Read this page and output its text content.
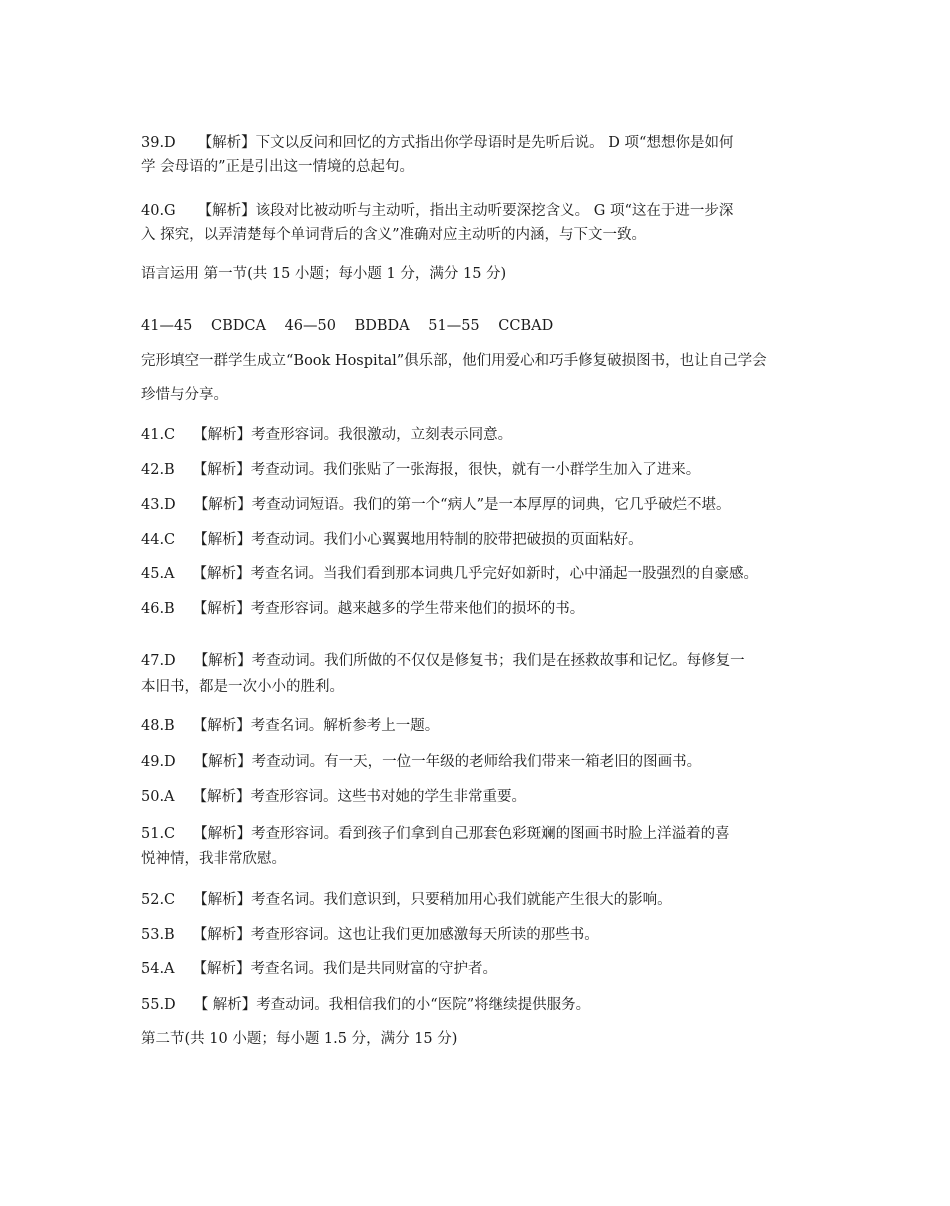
39.D 【解析】下文以反问和回忆的方式指出你学母语时是先听后说。 D 项“想想你是如何
学 会母语的”正是引出这一情境的总起句。
40.G 【解析】该段对比被动听与主动听，指出主动听要深挖含义。 G 项“这在于进一步深
入 探究，以弄清楚每个单词背后的含义”准确对应主动听的内涵，与下文一致。
语言运用 第一节(共 15 小题；每小题 1 分，满分 15 分)
41—45 CBDCA 46—50 BDBDA 51—55 CCBAD
完形填空一群学生成立“Book Hospital”俱乐部，他们用爱心和巧手修复破损图书，也让自己学会
珍惜与分享。
41.C 【解析】考查形容词。我很激动，立刻表示同意。
42.B 【解析】考查动词。我们张贴了一张海报，很快，就有一小群学生加入了进来。
43.D 【解析】考查动词短语。我们的第一个“病人”是一本厚厚的词典，它几乎破烂不堪。
44.C 【解析】考查动词。我们小心翼翼地用特制的胶带把破损的页面粘好。
45.A 【解析】考查名词。当我们看到那本词典几乎完好如新时，心中涌起一股强烈的自豪感。
46.B 【解析】考查形容词。越来越多的学生带来他们的损坏的书。
47.D 【解析】考查动词。我们所做的不仅仅是修复书；我们是在拯救故事和记忆。每修复一
本旧书，都是一次小小的胜利。
48.B 【解析】考查名词。解析参考上一题。
49.D 【解析】考查动词。有一天，一位一年级的老师给我们带来一箱老旧的图画书。
50.A 【解析】考查形容词。这些书对她的学生非常重要。
51.C 【解析】考查形容词。看到孩子们拿到自己那套色彩斑斓的图画书时脸上洋溢着的喜
悦神情，我非常欣慰。
52.C 【解析】考查名词。我们意识到，只要稍加用心我们就能产生很大的影响。
53.B 【解析】考查形容词。这也让我们更加感激每天所读的那些书。
54.A 【解析】考查名词。我们是共同财富的守护者。
55.D 【 解析】考查动词。我相信我们的小“医院”将继续提供服务。
第二节(共 10 小题；每小题 1.5 分，满分 15 分)
